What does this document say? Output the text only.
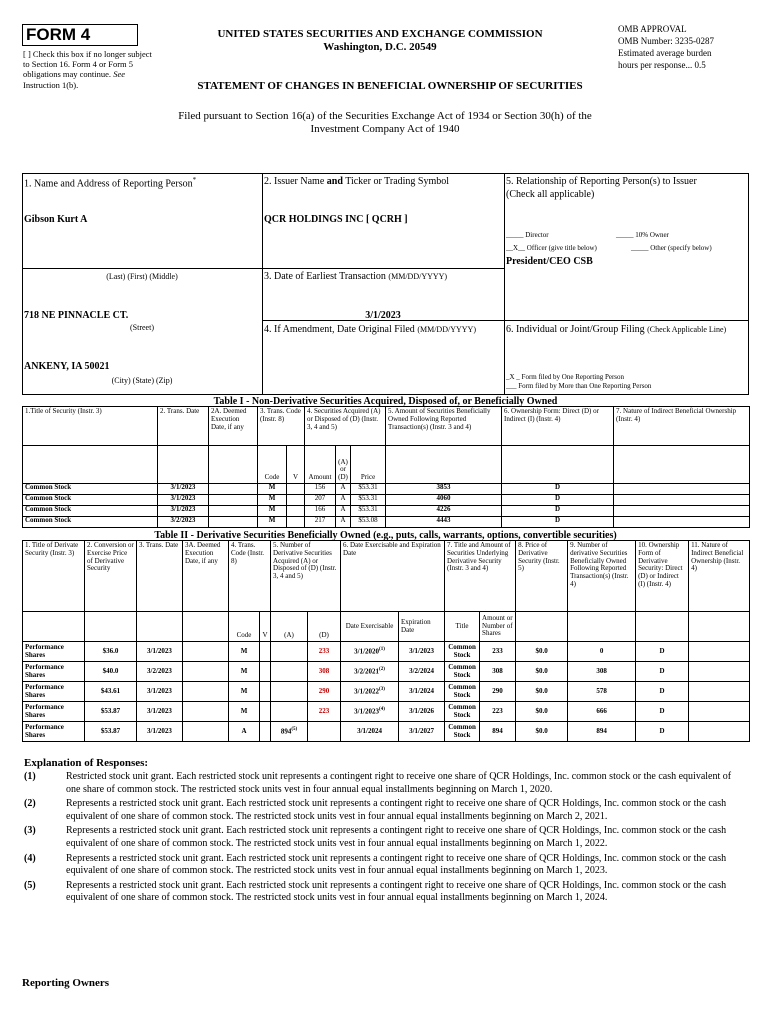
FORM 4
[ ] Check this box if no longer subject to Section 16. Form 4 or Form 5 obligations may continue. See Instruction 1(b).
UNITED STATES SECURITIES AND EXCHANGE COMMISSION
Washington, D.C. 20549
STATEMENT OF CHANGES IN BENEFICIAL OWNERSHIP OF SECURITIES
OMB APPROVAL
OMB Number: 3235-0287
Estimated average burden
hours per response... 0.5
Filed pursuant to Section 16(a) of the Securities Exchange Act of 1934 or Section 30(h) of the
Investment Company Act of 1940
1. Name and Address of Reporting Person*
Gibson Kurt A
(Last) (First) (Middle)
718 NE PINNACLE CT.
(Street)
ANKENY, IA 50021
(City) (State) (Zip)
2. Issuer Name and Ticker or Trading Symbol
QCR HOLDINGS INC [ QCRH ]
3. Date of Earliest Transaction (MM/DD/YYYY)
3/1/2023
4. If Amendment, Date Original Filed (MM/DD/YYYY)
5. Relationship of Reporting Person(s) to Issuer
(Check all applicable)
_____ Director	_____ 10% Owner
__X__ Officer (give title below)	_____ Other (specify below)
President/CEO CSB
6. Individual or Joint/Group Filing (Check Applicable Line)
_X _ Form filed by One Reporting Person
___ Form filed by More than One Reporting Person
Table I - Non-Derivative Securities Acquired, Disposed of, or Beneficially Owned
1.Title of Security (Instr. 3)	2. Trans. Date	2A. Deemed Execution Date, if any	3. Trans. Code (Instr. 8)		4. Securities Acquired (A) or Disposed of (D) (Instr. 3, 4 and 5)			5. Amount of Securities Beneficially Owned Following Reported Transaction(s) (Instr. 3 and 4)	6. Ownership Form: Direct (D) or Indirect (I) (Instr. 4)	7. Nature of Indirect Beneficial Ownership (Instr. 4)
			Code	V	Amount	(A) or (D)	Price			
Common Stock	3/1/2023		M		156	A	$53.31	3853	D	
Common Stock	3/1/2023		M		207	A	$53.31	4060	D	
Common Stock	3/1/2023		M		166	A	$53.31	4226	D	
Common Stock	3/2/2023		M		217	A	$53.08	4443	D	
Table II - Derivative Securities Beneficially Owned (e.g., puts, calls, warrants, options, convertible securities)
1. Title of Derivate Security (Instr. 3)	2. Conversion or Exercise Price of Derivative Security	3. Trans. Date	3A. Deemed Execution Date, if any	4. Trans. Code (Instr. 8)		5. Number of Derivative Securities Acquired (A) or Disposed of (D) (Instr. 3, 4 and 5)		6. Date Exercisable and Expiration Date		7. Title and Amount of Securities Underlying Derivative Security (Instr. 3 and 4)		8. Price of Derivative Security (Instr. 5)	9. Number of derivative Securities Beneficially Owned Following Reported Transaction(s) (Instr. 4)	10. Ownership Form of Derivative Security: Direct (D) or Indirect (I) (Instr. 4)	11. Nature of Indirect Beneficial Ownership (Instr. 4)
				Code	V	(A)	(D)	Date Exercisable	Expiration Date	Title	Amount or Number of Shares				
Performance Shares	$36.0	3/1/2023		M			233	3/1/2020$^{(1)}$	3/1/2023	Common Stock	233	$0.0	0	D	
Performance Shares	$40.0	3/2/2023		M			308	3/2/2021$^{(2)}$	3/2/2024	Common Stock	308	$0.0	308	D	
Performance Shares	$43.61	3/1/2023		M			290	3/1/2022$^{(3)}$	3/1/2024	Common Stock	290	$0.0	578	D	
Performance Shares	$53.87	3/1/2023		M			223	3/1/2023$^{(4)}$	3/1/2026	Common Stock	223	$0.0	666	D	
Performance Shares	$53.87	3/1/2023		A		894$^{(5)}$		3/1/2024	3/1/2027	Common Stock	894	$0.0	894	D	
Explanation of Responses:
(1)	Restricted stock unit grant. Each restricted stock unit represents a contingent right to receive one share of QCR Holdings, Inc. common stock or the cash equivalent of one share of common stock. The restricted stock units vest in four annual equal installments beginning on March 1, 2020.
(2)	Represents a restricted stock unit grant. Each restricted stock unit represents a contingent right to receive one share of QCR Holdings, Inc. common stock or the cash equivalent of one share of common stock. The restricted stock units vest in four annual equal installments beginning on March 2, 2021.
(3)	Represents a restricted stock unit grant. Each restricted stock unit represents a contingent right to receive one share of QCR Holdings, Inc. common stock or the cash equivalent of one share of common stock. The restricted stock units vest in four annual equal installments beginning on March 1, 2022.
(4)	Represents a restricted stock unit grant. Each restricted stock unit represents a contingent right to receive one share of QCR Holdings, Inc. common stock or the cash equivalent of one share of common stock. The restricted stock units vest in four annual equal installments beginning on March 1, 2023.
(5)	Represents a restricted stock unit grant. Each restricted stock unit represents a contingent right to receive one share of QCR Holdings, Inc. common stock or the cash equivalent of one share of common stock. The restricted stock units vest in four annual equal installments beginning on March 1, 2024.
Reporting Owners
